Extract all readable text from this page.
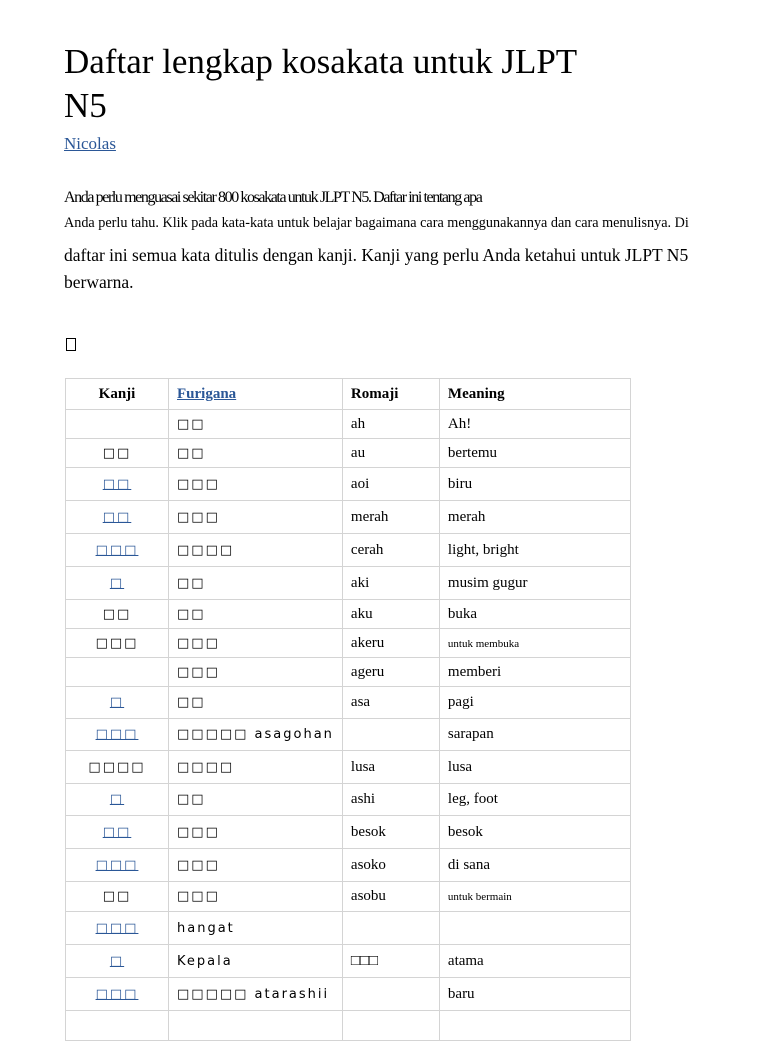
Daftar lengkap kosakata untuk JLPT N5
Nicolas
Anda perlu menguasai sekitar 800 kosakata untuk JLPT N5. Daftar ini tentang apa
Anda perlu tahu. Klik pada kata-kata untuk belajar bagaimana cara menggunakannya dan cara menulisnya. Di
daftar ini semua kata ditulis dengan kanji. Kanji yang perlu Anda ketahui untuk JLPT N5 berwarna.
Kanji	Furigana	Romaji	Meaning
	□□	ah	Ah!
□□	□□	au	bertemu
□□	□□□	aoi	biru
□□	□□□	merah	merah
□□□	□□□□	cerah	light, bright
□	□□	aki	musim gugur
□□	□□	aku	buka
□□□	□□□	akeru	untuk membuka
	□□□	ageru	memberi
□	□□	asa	pagi
□□□	□□□□□ asagohan		sarapan
□□□□	□□□□	lusa	lusa
□	□□	ashi	leg, foot
□□	□□□	besok	besok
□□□	□□□	asoko	di sana
□□	□□□	asobu	untuk bermain
□□□	hangat		
□	Kepala	□□□	atama
□□□	□□□□□ atarashii		baru
